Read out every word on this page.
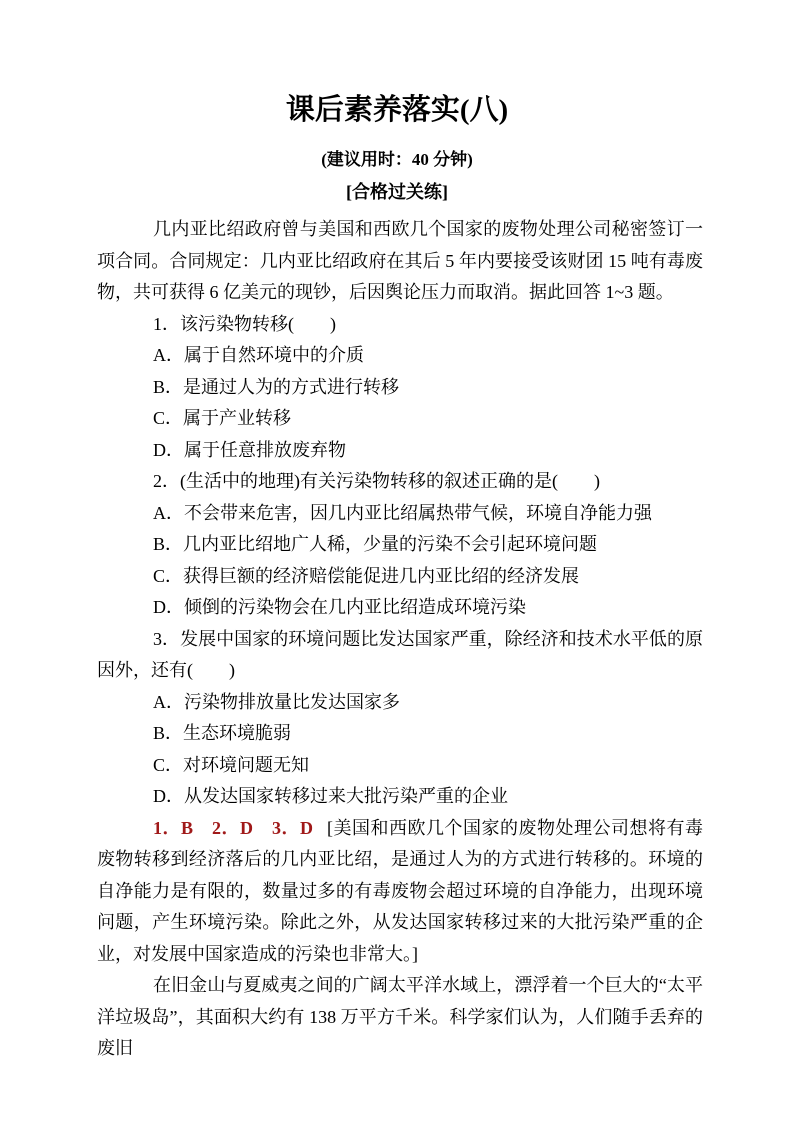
课后素养落实(八)

(建议用时：40 分钟)

[合格过关练]

几内亚比绍政府曾与美国和西欧几个国家的废物处理公司秘密签订一项合同。合同规定：几内亚比绍政府在其后 5 年内要接受该财团 15 吨有毒废物，共可获得 6 亿美元的现钞，后因舆论压力而取消。据此回答 1~3 题。

1．该污染物转移(　　)

A．属于自然环境中的介质

B．是通过人为的方式进行转移

C．属于产业转移

D．属于任意排放废弃物

2．(生活中的地理)有关污染物转移的叙述正确的是(　　)

A．不会带来危害，因几内亚比绍属热带气候，环境自净能力强

B．几内亚比绍地广人稀，少量的污染不会引起环境问题

C．获得巨额的经济赔偿能促进几内亚比绍的经济发展

D．倾倒的污染物会在几内亚比绍造成环境污染

3．发展中国家的环境问题比发达国家严重，除经济和技术水平低的原因外，还有(　　)

A．污染物排放量比发达国家多

B．生态环境脆弱

C．对环境问题无知

D．从发达国家转移过来大批污染严重的企业

1．B　2．D　3．D [美国和西欧几个国家的废物处理公司想将有毒废物转移到经济落后的几内亚比绍，是通过人为的方式进行转移的。环境的自净能力是有限的，数量过多的有毒废物会超过环境的自净能力，出现环境问题，产生环境污染。除此之外，从发达国家转移过来的大批污染严重的企业，对发展中国家造成的污染也非常大。]

在旧金山与夏威夷之间的广阔太平洋水域上，漂浮着一个巨大的“太平洋垃圾岛”，其面积大约有 138 万平方千米。科学家们认为，人们随手丢弃的废旧
